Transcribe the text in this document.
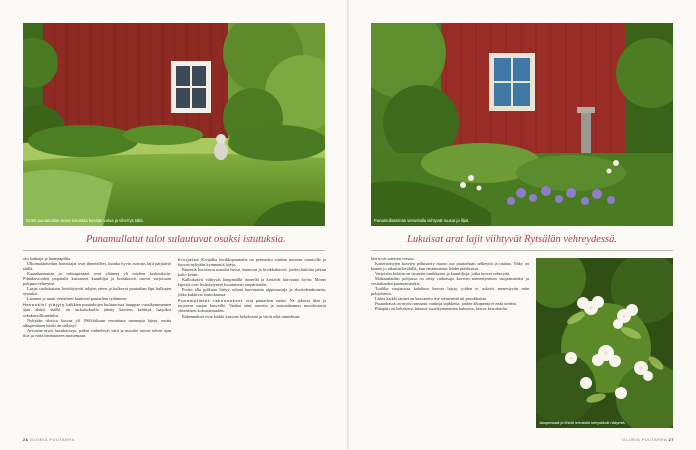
Grünt punamullan seinä korostaa kevään valoa ja viherrys tällä.
Punamullatut talot sulautuvat osaksi istutuksia.

seo kaihtaja ja harmaapihta.

Ulkomaalaisetkin harrastajat ovat ihmetelleet, kuinka hyvin avaruus lajit pärjäävät täällä.

Kasaaharmaista ja valmapensaat ovat yltäneet yli mielten korkeuksiin. Pihtakuvioiden ympärille kasvaneet kuunliljat ja hostakasvit tuovat varjoisaan pohjaan vehreyttä.

Laajat ruohokaistat levittäytyvät talojen eteen ja kulkevat puutarhan läpi kulkujen seuraksi.

Lammet ja muut vesiaiheet kuuluvat puutarhan sydämeen.

Havuskivi yläjyty kaikkien puutarhojen kulttuurissa lamppaa vuosikymmenten ajan aluksi täällä, on tarkoituksella jätetty kasvien kehittyä laajoiksi sekakasvillisuudeksi.

Nykyään tiloissa kasvaa yli 1960-lukuun verrattuna useampia lajeja, mutta alkuperäinen henki on säilynyt.

Arvostaa myös havukasveja, joiden vaihtelevat värit ja muodot tuovat talven ajan iloa ja väriä harmaaseen maisemaan.

Kivijalka Kivijalka kivikkopuutarha on perustettu vanhan navetan raunioille ja kasvaa nykyään kymmeniä lajeja.

Rinnettä koristavat matalat havut, kanervat ja kivikkokasvit, joiden kukinta jatkuu koko kesän.

Kalliokasvit viihtyvät lämpimällä rinteellä ja kestävät kuivuutta hyvin. Monet lajeista ovat levittäytyneet luontaisesti ympäristöön.

Portin alla polkuun liittyy ryhmä harvinaisia alppiruusuja ja rhododendroneita, jotka kukkivat toukokuussa.

Punamullatut rakennukset ovat puutarhan runko. Ne jakavat tilaa ja tarjoavat suojaa kasveille. Vanhat aitat, navetta ja asuinrakennus muodostavat yhtenäisen kokonaisuuden.

Rakennukset ovat kaikki kasvien kehyksenä ja väriä sekä tunnelmaa.

26 GLORIA PUUTARHA
Punamullaseinän vierustalla viihtyvät ruusut ja liljat.
Lukuisat arat lajit viihtyvät Rytsälän vehreydessä.

hiertyvät sateisen verson.

Kaiteistettyjen kasvien pelkistetty muoto tuo puutarhaan selkeyttä ja rauhaa. Näky on kaunis jo aikaisin keväällä, kun ensimmäiset lehdet puhkeavat.

Varjoisiin kohtiin on istutettu sanikkaisia ja kuunliljoja, jotka tuovat vehreyttä.

Maltaanlaidan pohjassa on tehty ratkaisuja kasvien menestymisen suojaamiseksi ja vesitalouden parantamiseksi.

Tuulilta suojaisissa kohdissa kasvaa lajeja, joiden ei uskoisi menestyvän näin pohjoisessa.

Lähes kaikki taimet on kasvatettu itse siemenistä tai pistokkaista.

Puutarhassa on myös runsaasti vanhoja lajikkeita, joiden alkuperää ei enää tiedetä.

Pihapiiri on kehittynyt hitaasti vuosikymmenten kuluessa, kerros kerrokselta.

Jalopensaat ja tiheät lehvästöt kehystävät näkymiä.
GLORIA PUUTARHA 27
